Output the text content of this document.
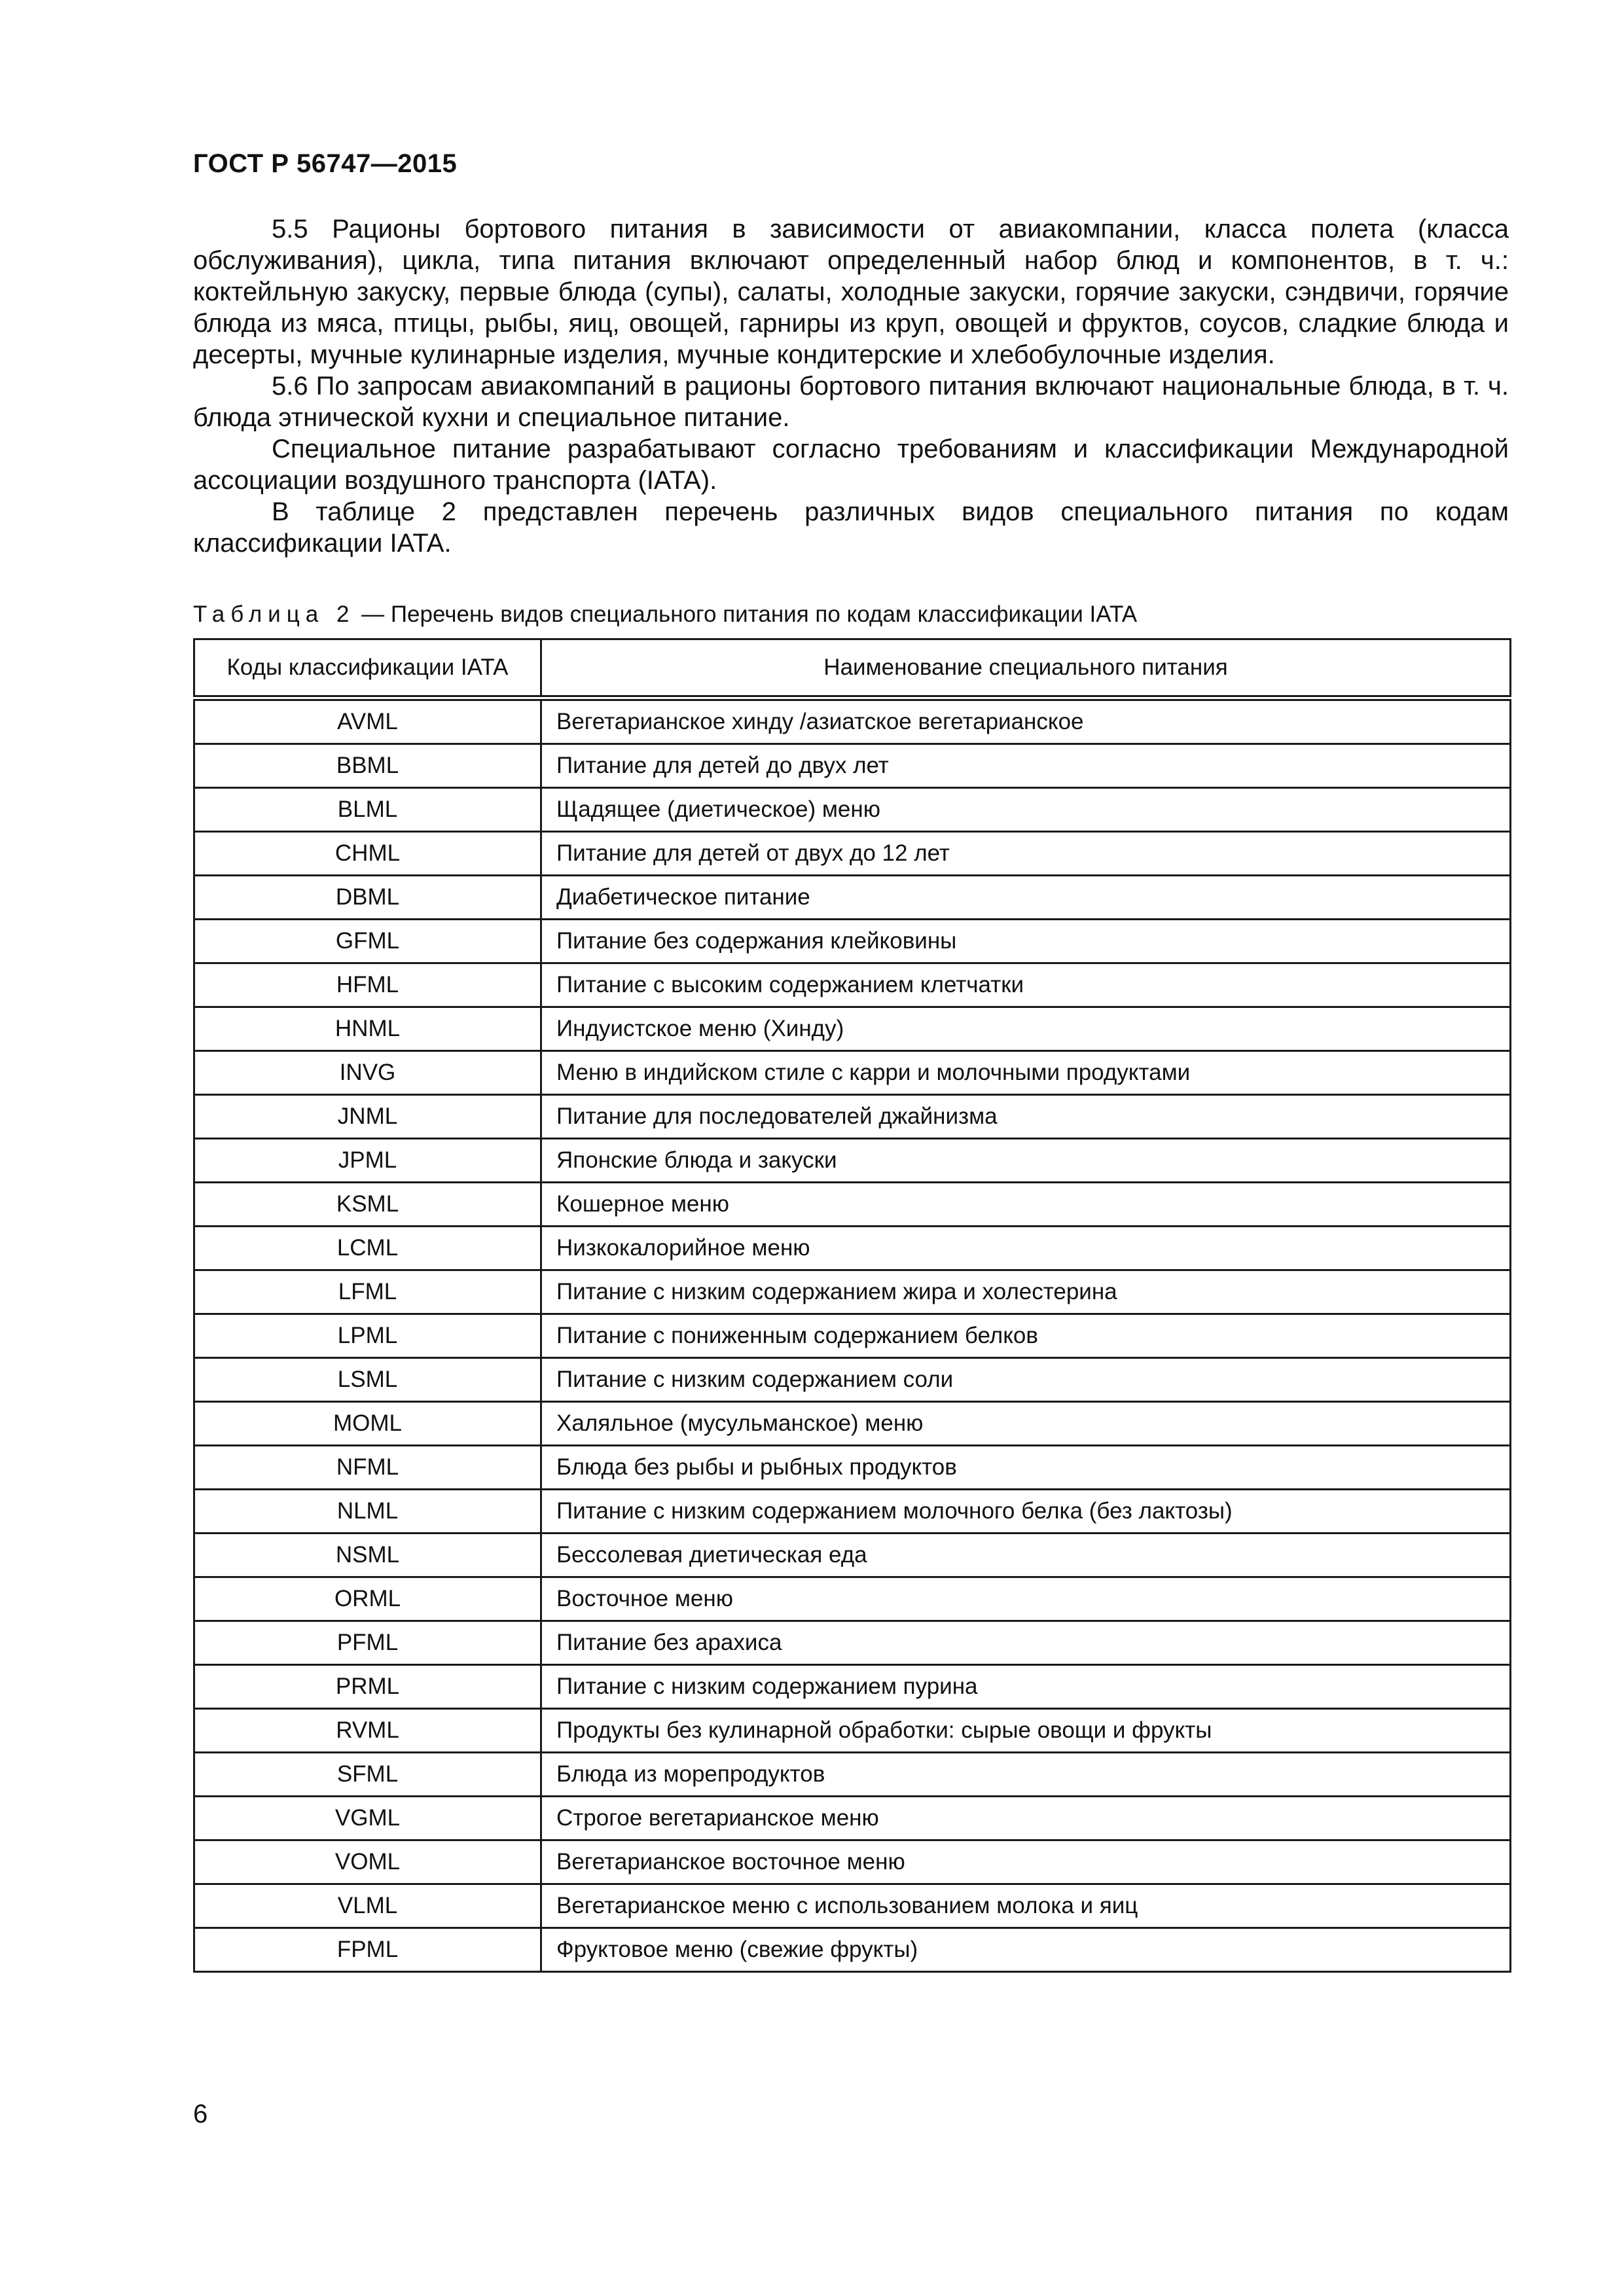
ГОСТ Р 56747—2015

5.5 Рационы бортового питания в зависимости от авиакомпании, класса полета (класса обслуживания), цикла, типа питания включают определенный набор блюд и компонентов, в т. ч.: коктейльную закуску, первые блюда (супы), салаты, холодные закуски, горячие закуски, сэндвичи, горячие блюда из мяса, птицы, рыбы, яиц, овощей, гарниры из круп, овощей и фруктов, соусов, сладкие блюда и десерты, мучные кулинарные изделия, мучные кондитерские и хлебобулочные изделия.

5.6 По запросам авиакомпаний в рационы бортового питания включают национальные блюда, в т. ч. блюда этнической кухни и специальное питание.

Специальное питание разрабатывают согласно требованиям и классификации Международной ассоциации воздушного транспорта (IATA).

В таблице 2 представлен перечень различных видов специального питания по кодам классификации IATA.

Таблица 2 — Перечень видов специального питания по кодам классификации IATA
Коды классификации IATA	Наименование специального питания
AVML	Вегетарианское хинду /азиатское вегетарианское
BBML	Питание для детей до двух лет
BLML	Щадящее (диетическое) меню
CHML	Питание для детей от двух до 12 лет
DBML	Диабетическое питание
GFML	Питание без содержания клейковины
HFML	Питание с высоким содержанием клетчатки
HNML	Индуистское меню (Хинду)
INVG	Меню в индийском стиле с карри и молочными продуктами
JNML	Питание для последователей джайнизма
JPML	Японские блюда и закуски
KSML	Кошерное меню
LCML	Низкокалорийное меню
LFML	Питание с низким содержанием жира и холестерина
LPML	Питание с пониженным содержанием белков
LSML	Питание с низким содержанием соли
MOML	Халяльное (мусульманское) меню
NFML	Блюда без рыбы и рыбных продуктов
NLML	Питание с низким содержанием молочного белка (без лактозы)
NSML	Бессолевая диетическая еда
ORML	Восточное меню
PFML	Питание без арахиса
PRML	Питание с низким содержанием пурина
RVML	Продукты без кулинарной обработки: сырые овощи и фрукты
SFML	Блюда из морепродуктов
VGML	Строгое вегетарианское меню
VOML	Вегетарианское восточное меню
VLML	Вегетарианское меню с использованием молока и яиц
FPML	Фруктовое меню (свежие фрукты)
6
